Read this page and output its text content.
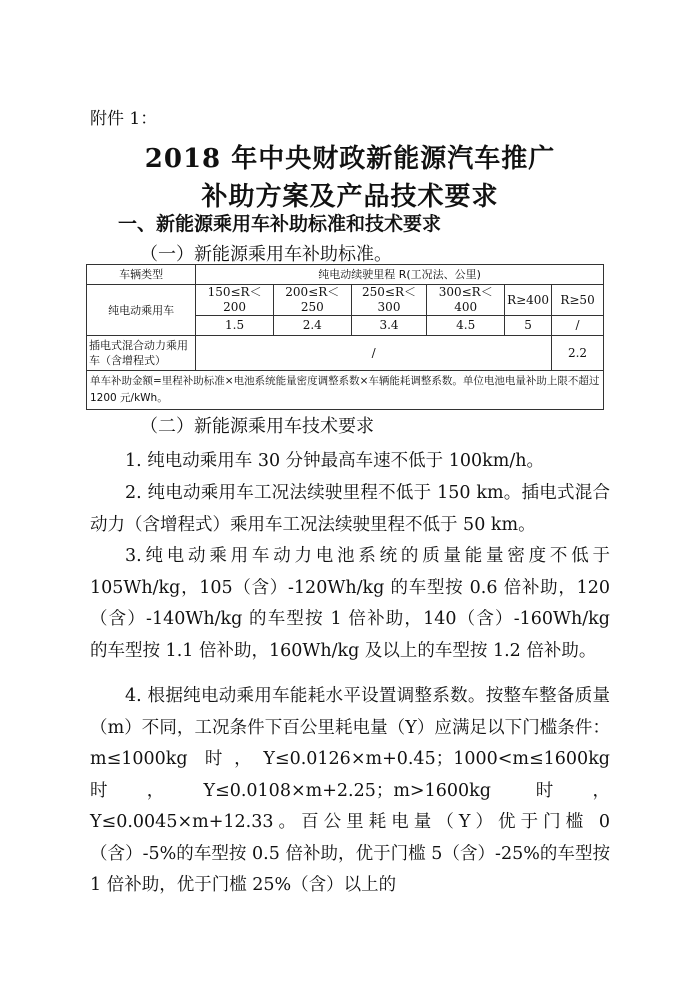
附件 1：
2018 年中央财政新能源汽车推广
补助方案及产品技术要求
一、新能源乘用车补助标准和技术要求
（一）新能源乘用车补助标准。
车辆类型	纯电动续驶里程 R(工况法、公里)					
纯电动乘用车	150≤R＜200	200≤R＜250	250≤R＜300	300≤R＜400	R≥400	R≥50
	1.5	2.4	3.4	4.5	5	/
插电式混合动力乘用车（含增程式）	/					2.2
单车补助金额=里程补助标准×电池系统能量密度调整系数×车辆能耗调整系数。单位电池电量补助上限不超过 1200 元/kWh。						
（二）新能源乘用车技术要求
1. 纯电动乘用车 30 分钟最高车速不低于 100km/h。
2. 纯电动乘用车工况法续驶里程不低于 150 km。插电式混合动力（含增程式）乘用车工况法续驶里程不低于 50 km。
3.纯电动乘用车动力电池系统的质量能量密度不低于 105Wh/kg，105（含）-120Wh/kg 的车型按 0.6 倍补助，120（含）-140Wh/kg 的车型按 1 倍补助，140（含）-160Wh/kg 的车型按 1.1 倍补助，160Wh/kg 及以上的车型按 1.2 倍补助。
4. 根据纯电动乘用车能耗水平设置调整系数。按整车整备质量（m）不同，工况条件下百公里耗电量（Y）应满足以下门槛条件：m≤1000kg 时，Y≤0.0126×m+0.45；1000<m≤1600kg 时，Y≤0.0108×m+2.25；m>1600kg 时，Y≤0.0045×m+12.33。百公里耗电量（Y）优于门槛 0（含）-5%的车型按 0.5 倍补助，优于门槛 5（含）-25%的车型按 1 倍补助，优于门槛 25%（含）以上的
